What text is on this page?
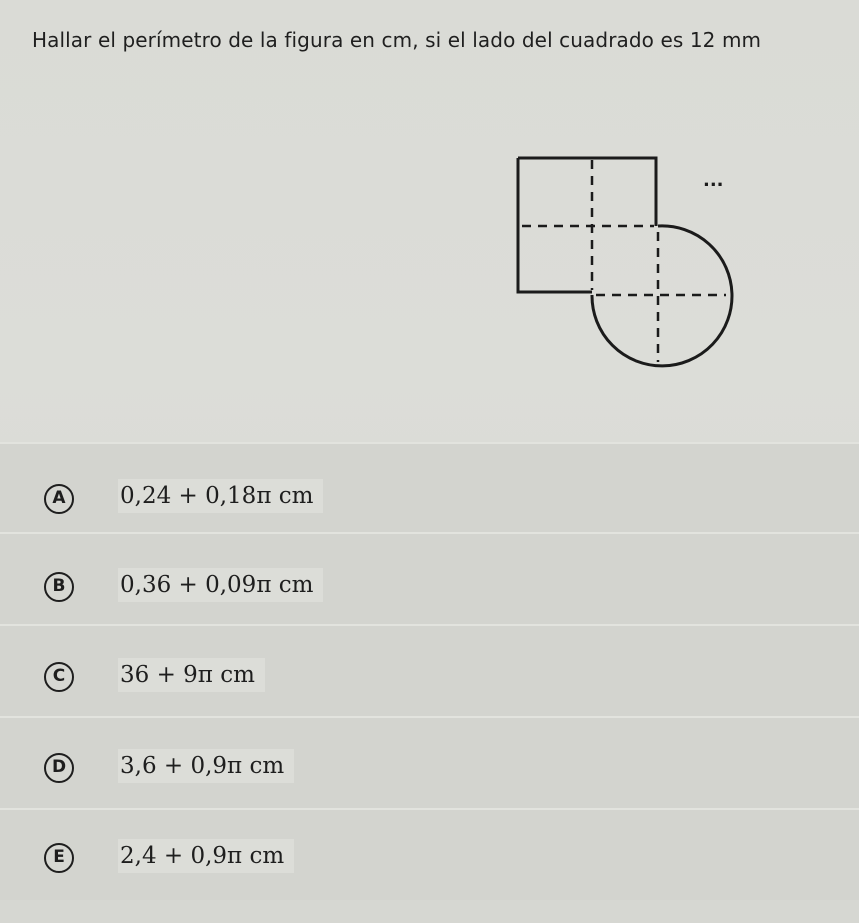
Hallar el perímetro de la figura en cm, si el lado del cuadrado es 12 mm
...
A	0,24 + 0,18π cm
B	0,36 + 0,09π cm
C	36 + 9π cm
D	3,6 + 0,9π cm
E	2,4 + 0,9π cm
